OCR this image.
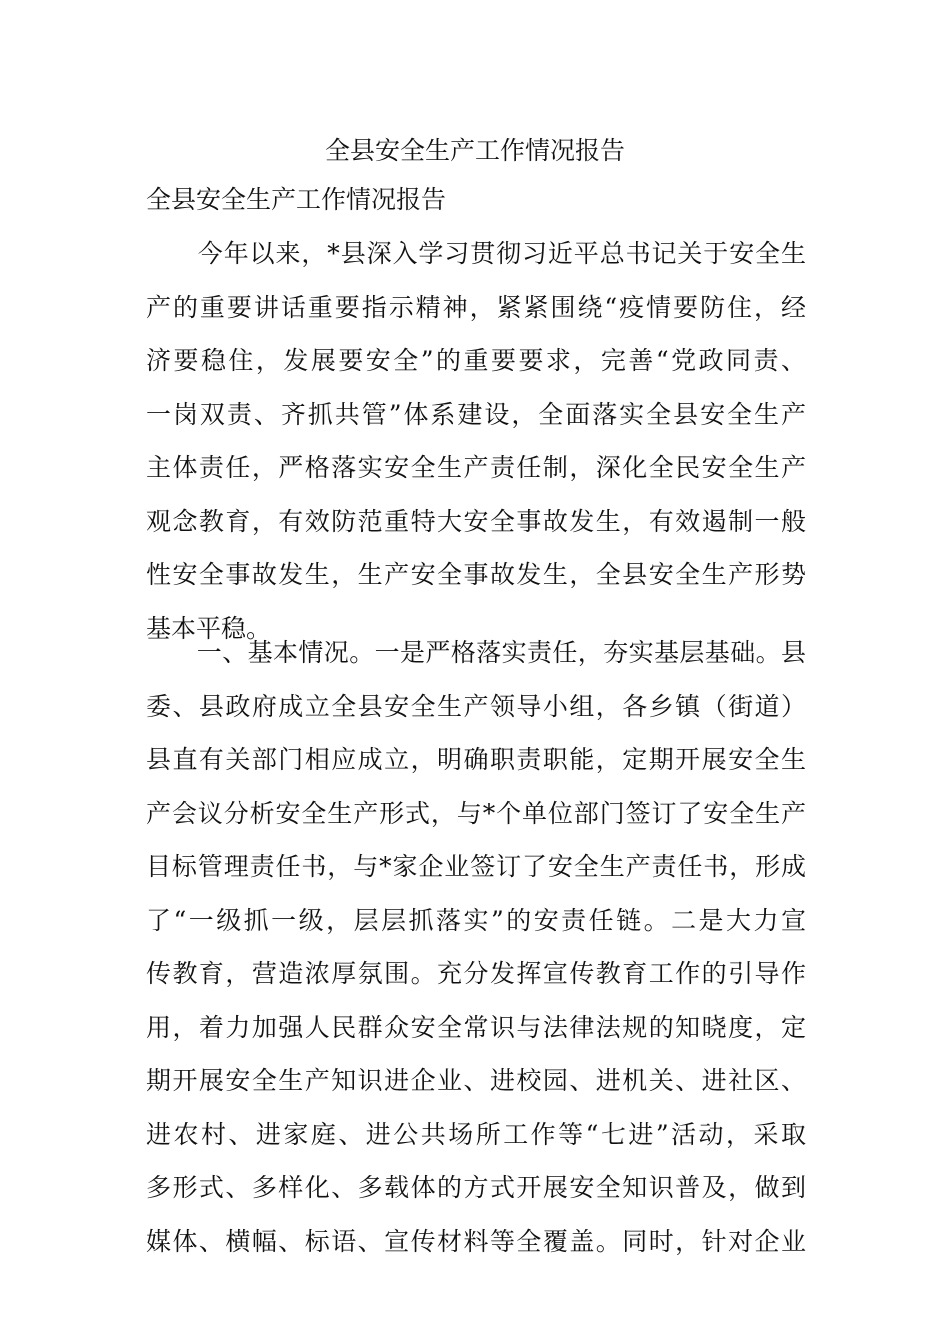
全县安全生产工作情况报告
全县安全生产工作情况报告
　　今年以来，*县深入学习贯彻习近平总书记关于安全生
产的重要讲话重要指示精神，紧紧围绕“疫情要防住，经
济要稳住，发展要安全”的重要要求，完善“党政同责、
一岗双责、齐抓共管”体系建设，全面落实全县安全生产
主体责任，严格落实安全生产责任制，深化全民安全生产
观念教育，有效防范重特大安全事故发生，有效遏制一般
性安全事故发生，生产安全事故发生，全县安全生产形势
基本平稳。
　　一、基本情况。一是严格落实责任，夯实基层基础。县
委、县政府成立全县安全生产领导小组，各乡镇（街道）
县直有关部门相应成立，明确职责职能，定期开展安全生
产会议分析安全生产形式，与*个单位部门签订了安全生产
目标管理责任书，与*家企业签订了安全生产责任书，形成
了“一级抓一级，层层抓落实”的安责任链。二是大力宣
传教育，营造浓厚氛围。充分发挥宣传教育工作的引导作
用，着力加强人民群众安全常识与法律法规的知晓度，定
期开展安全生产知识进企业、进校园、进机关、进社区、
进农村、进家庭、进公共场所工作等“七进”活动，采取
多形式、多样化、多载体的方式开展安全知识普及，做到
媒体、横幅、标语、宣传材料等全覆盖。同时，针对企业
